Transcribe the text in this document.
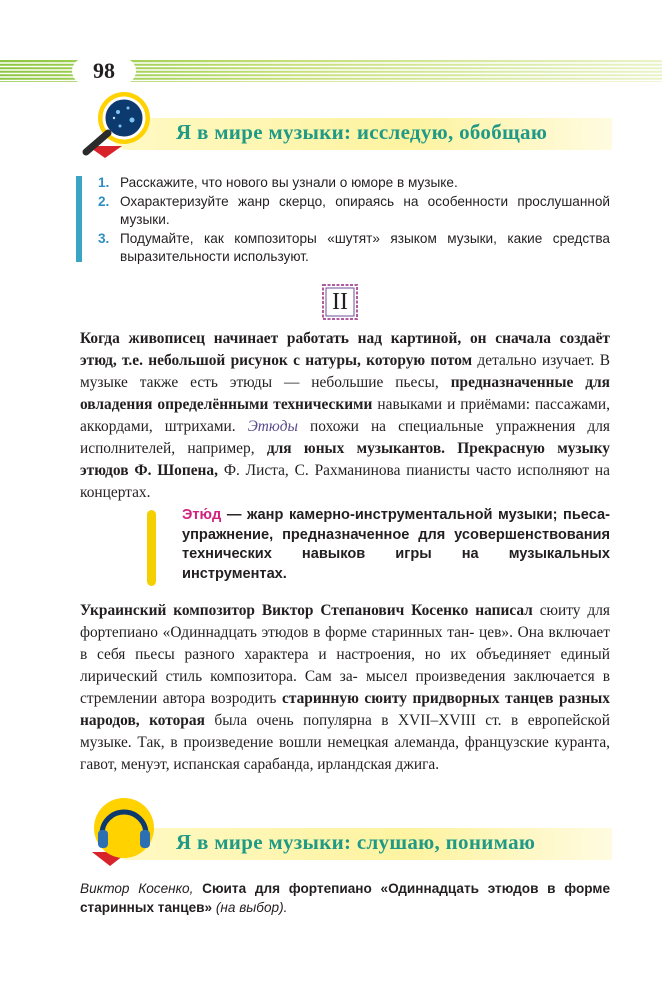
98
Я в мире музыки: исследую, обобщаю
1. Расскажите, что нового вы узнали о юморе в музыке.
2. Охарактеризуйте жанр скерцо, опираясь на особенности прослушанной музыки.
3. Подумайте, как композиторы «шутят» языком музыки, какие средства выразительности используют.
II
Когда живописец начинает работать над картиной, он сначала создаёт этюд, т.е. небольшой рисунок с натуры, которую потом детально изучает. В музыке также есть этюды — небольшие пьесы, предназначенные для овладения определёнными техническими навыками и приёмами: пассажами, аккордами, штрихами. Этюды похожи на специальные упражнения для исполнителей, например, для юных музыкантов. Прекрасную музыку этюдов Ф. Шопена, Ф. Листа, С. Рахманинова пианисты часто исполняют на концертах.
Этю́д — жанр камерно-инструментальной музыки; пьеса-упражнение, предназначенное для усовершенствования технических навыков игры на музыкальных инструментах.
Украинский композитор Виктор Степанович Косенко написал сюиту для фортепиано «Одиннадцать этюдов в форме старинных тан- цев». Она включает в себя пьесы разного характера и настроения, но их объединяет единый лирический стиль композитора. Сам за- мысел произведения заключается в стремлении автора возродить старинную сюиту придворных танцев разных народов, которая была очень популярна в XVII–XVIII ст. в европейской музыке. Так, в произведение вошли немецкая алеманда, французские куранта, гавот, менуэт, испанская сарабанда, ирландская джига.
Я в мире музыки: слушаю, понимаю
Виктор Косенко, Сюита для фортепиано «Одиннадцать этюдов в форме старинных танцев» (на выбор).
